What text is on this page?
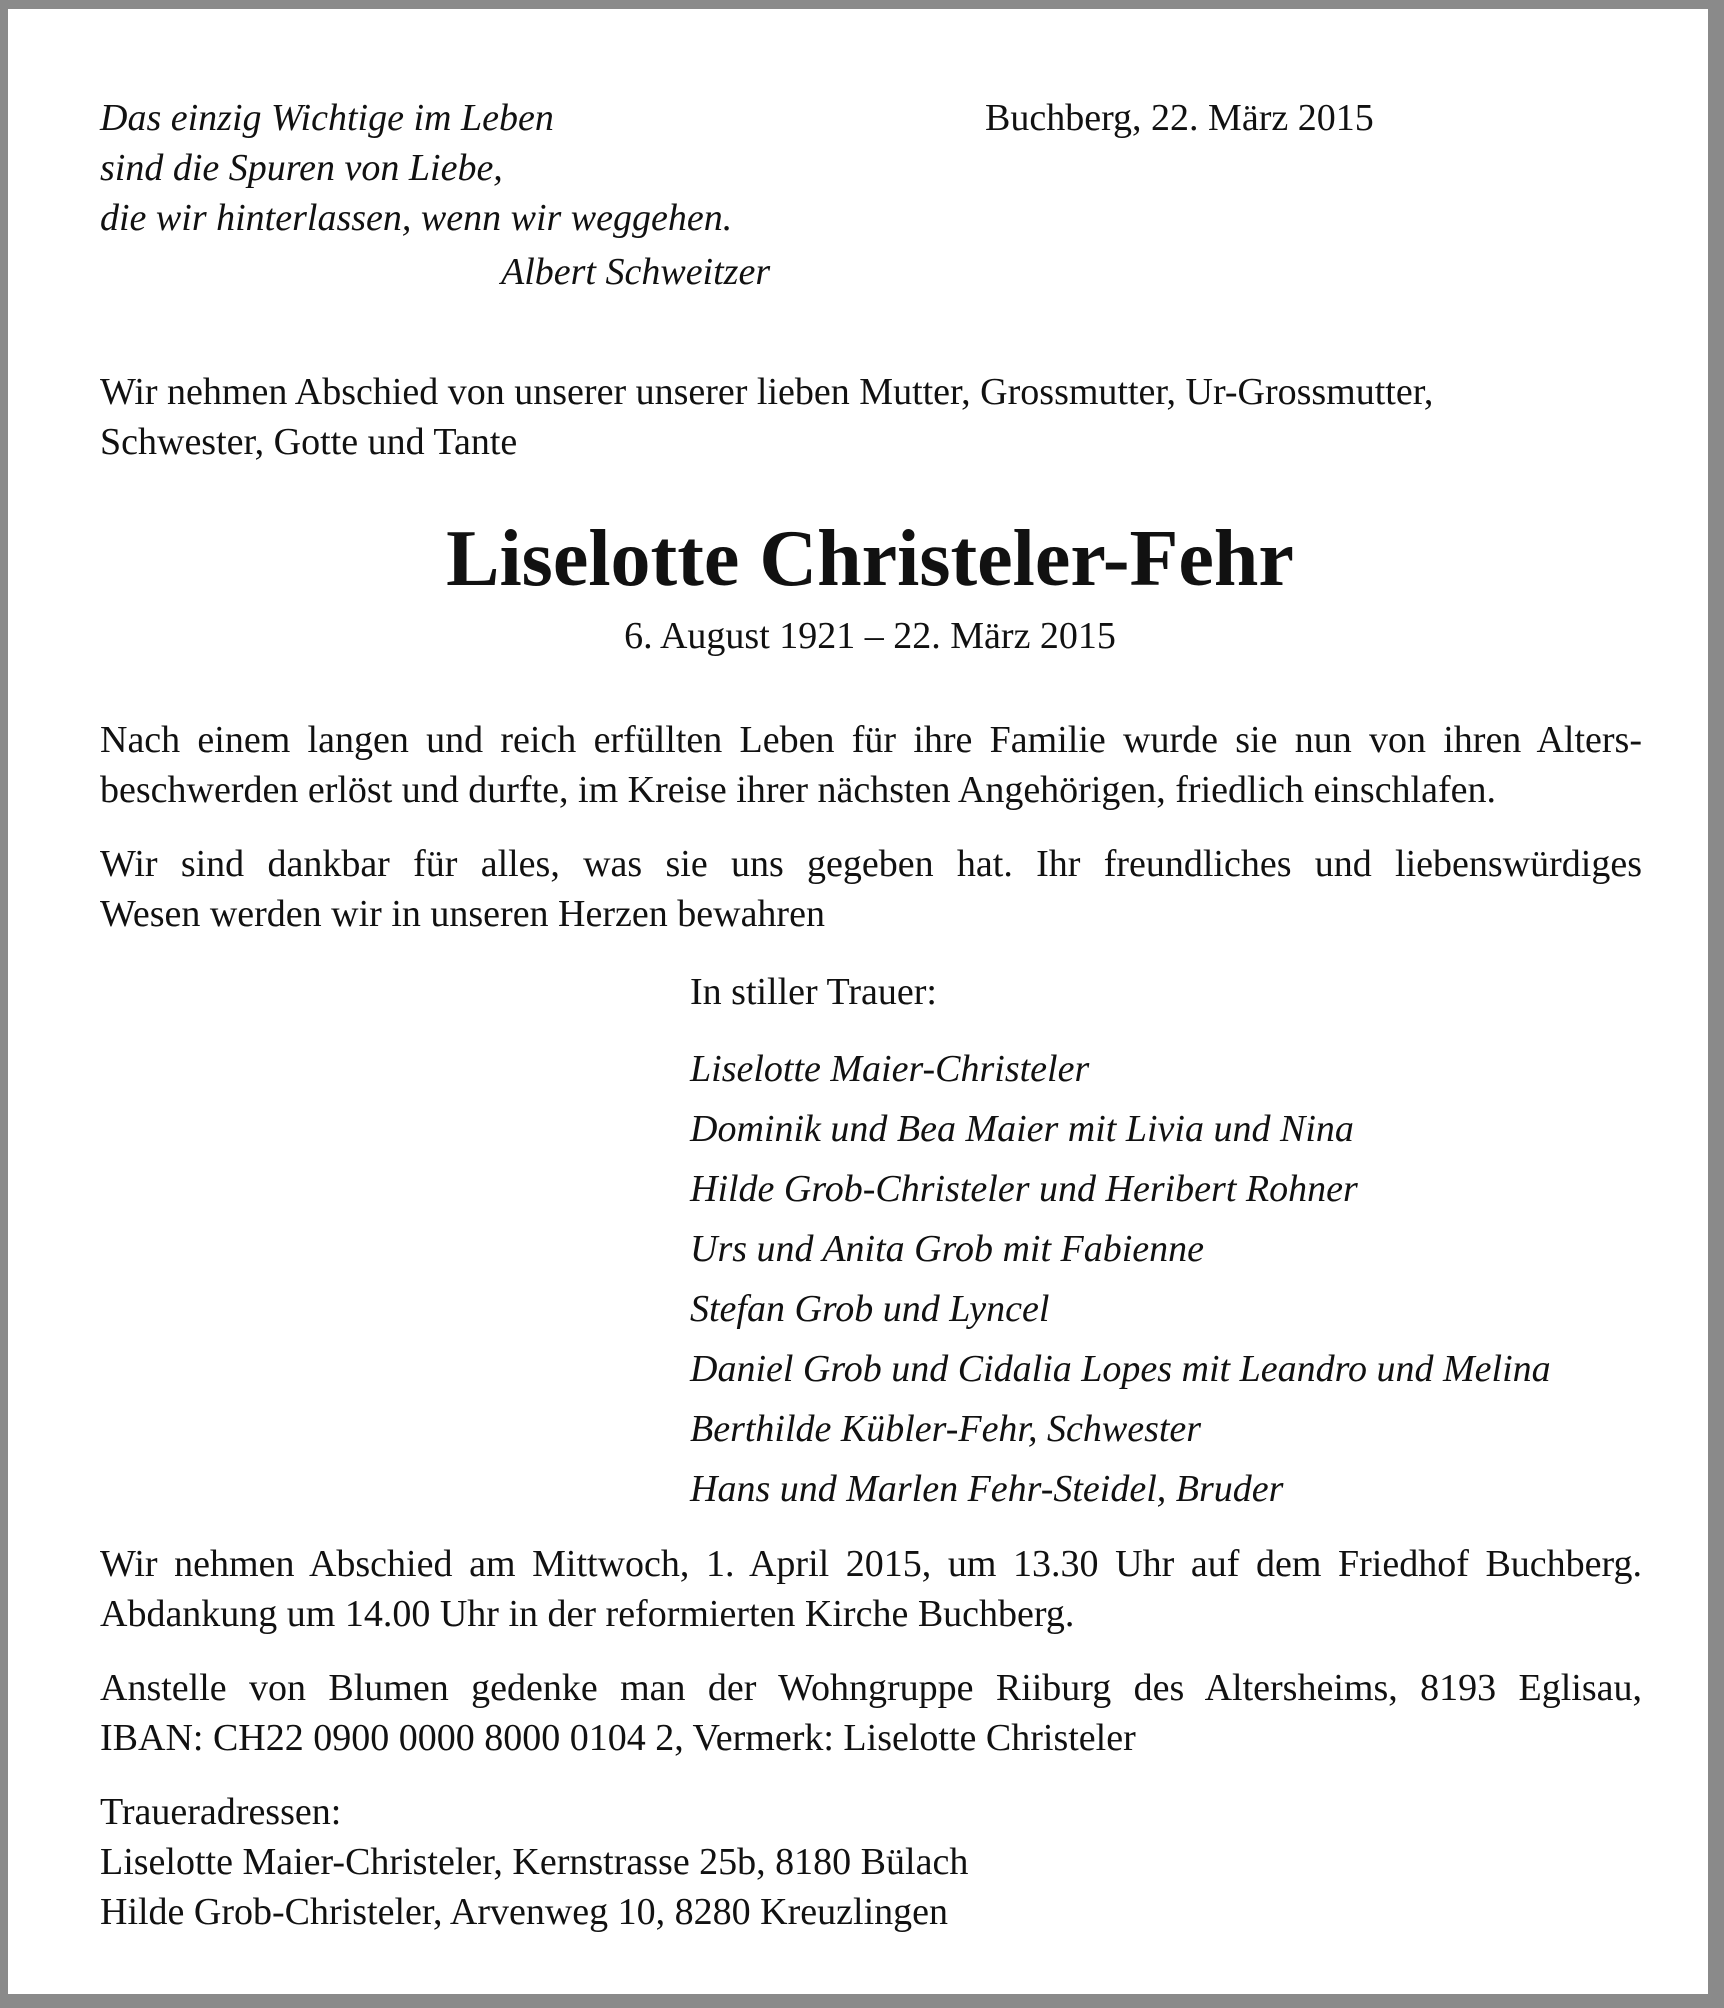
Das einzig Wichtige im Leben
sind die Spuren von Liebe,
die wir hinterlassen, wenn wir weggehen.
Albert Schweitzer
Buchberg, 22. März 2015
Wir nehmen Abschied von unserer unserer lieben Mutter, Grossmutter, Ur-Grossmutter,
Schwester, Gotte und Tante
Liselotte Christeler-Fehr
6. August 1921 – 22. März 2015
Nach einem langen und reich erfüllten Leben für ihre Familie wurde sie nun von ihren Alters-
beschwerden erlöst und durfte, im Kreise ihrer nächsten Angehörigen, friedlich einschlafen.
Wir sind dankbar für alles, was sie uns gegeben hat. Ihr freundliches und liebenswürdiges
Wesen werden wir in unseren Herzen bewahren
In stiller Trauer:
Liselotte Maier-Christeler
Dominik und Bea Maier mit Livia und Nina
Hilde Grob-Christeler und Heribert Rohner
Urs und Anita Grob mit Fabienne
Stefan Grob und Lyncel
Daniel Grob und Cidalia Lopes mit Leandro und Melina
Berthilde Kübler-Fehr, Schwester
Hans und Marlen Fehr-Steidel, Bruder
Wir nehmen Abschied am Mittwoch, 1. April 2015, um 13.30 Uhr auf dem Friedhof Buchberg.
Abdankung um 14.00 Uhr in der reformierten Kirche Buchberg.
Anstelle von Blumen gedenke man der Wohngruppe Riiburg des Altersheims, 8193 Eglisau,
IBAN: CH22 0900 0000 8000 0104 2, Vermerk: Liselotte Christeler
Traueradressen:
Liselotte Maier-Christeler, Kernstrasse 25b, 8180 Bülach
Hilde Grob-Christeler, Arvenweg 10, 8280 Kreuzlingen
